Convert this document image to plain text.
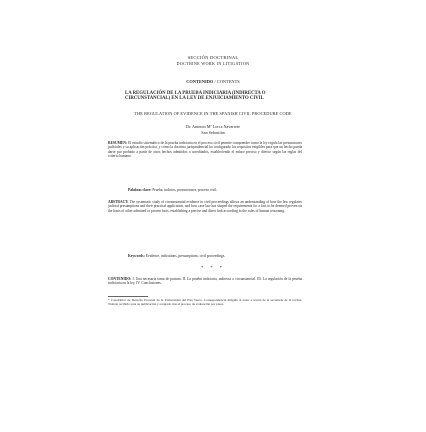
SECCIÓN DOCTRINAL
DOCTRINE WORK IN LITIGATION
CONTENIDO / CONTENTS
LA REGULACIÓN DE LA PRUEBA INDICIARIA (INDIRECTA O CIRCUNSTANCIAL) EN LA LEY DE ENJUICIAMIENTO CIVIL
THE REGULATION OF EVIDENCE IN THE SPANISH CIVIL PROCEDURE CODE
Dr. Antonio Mª Lorca Navarrete
San Sebastián
RESUMEN: El estudio sistemático de la prueba indiciaria en el proceso civil permite comprender como la ley regula las presunciones judiciales y su aplicación práctica, y cómo la doctrina jurisprudencial ha configurado los requisitos exigibles para que un hecho pueda darse por probado a partir de otros hechos admitidos o acreditados, estableciendo el enlace preciso y directo según las reglas del criterio humano.
Palabras clave: Prueba, indicios, presunciones, proceso civil.
ABSTRACT: The systematic study of circumstantial evidence in civil proceedings allows an understanding of how the law regulates judicial presumptions and their practical application, and how case law has shaped the requirements for a fact to be deemed proven on the basis of other admitted or proven facts, establishing a precise and direct link according to the rules of human reasoning.
Keywords: Evidence, indications, presumptions, civil proceedings.
* * *
CONTENIDO: I. Una necesaria toma de postura. II. La prueba indiciaria, indirecta o circunstancial. III. La regulación de la prueba indiciaria en la ley. IV. Conclusiones.
* Catedrático de Derecho Procesal de la Universidad del País Vasco. Correspondencia dirigida al autor a través de la secretaría de la revista. Trabajo recibido para su publicación y aceptado tras el proceso de evaluación por pares.
